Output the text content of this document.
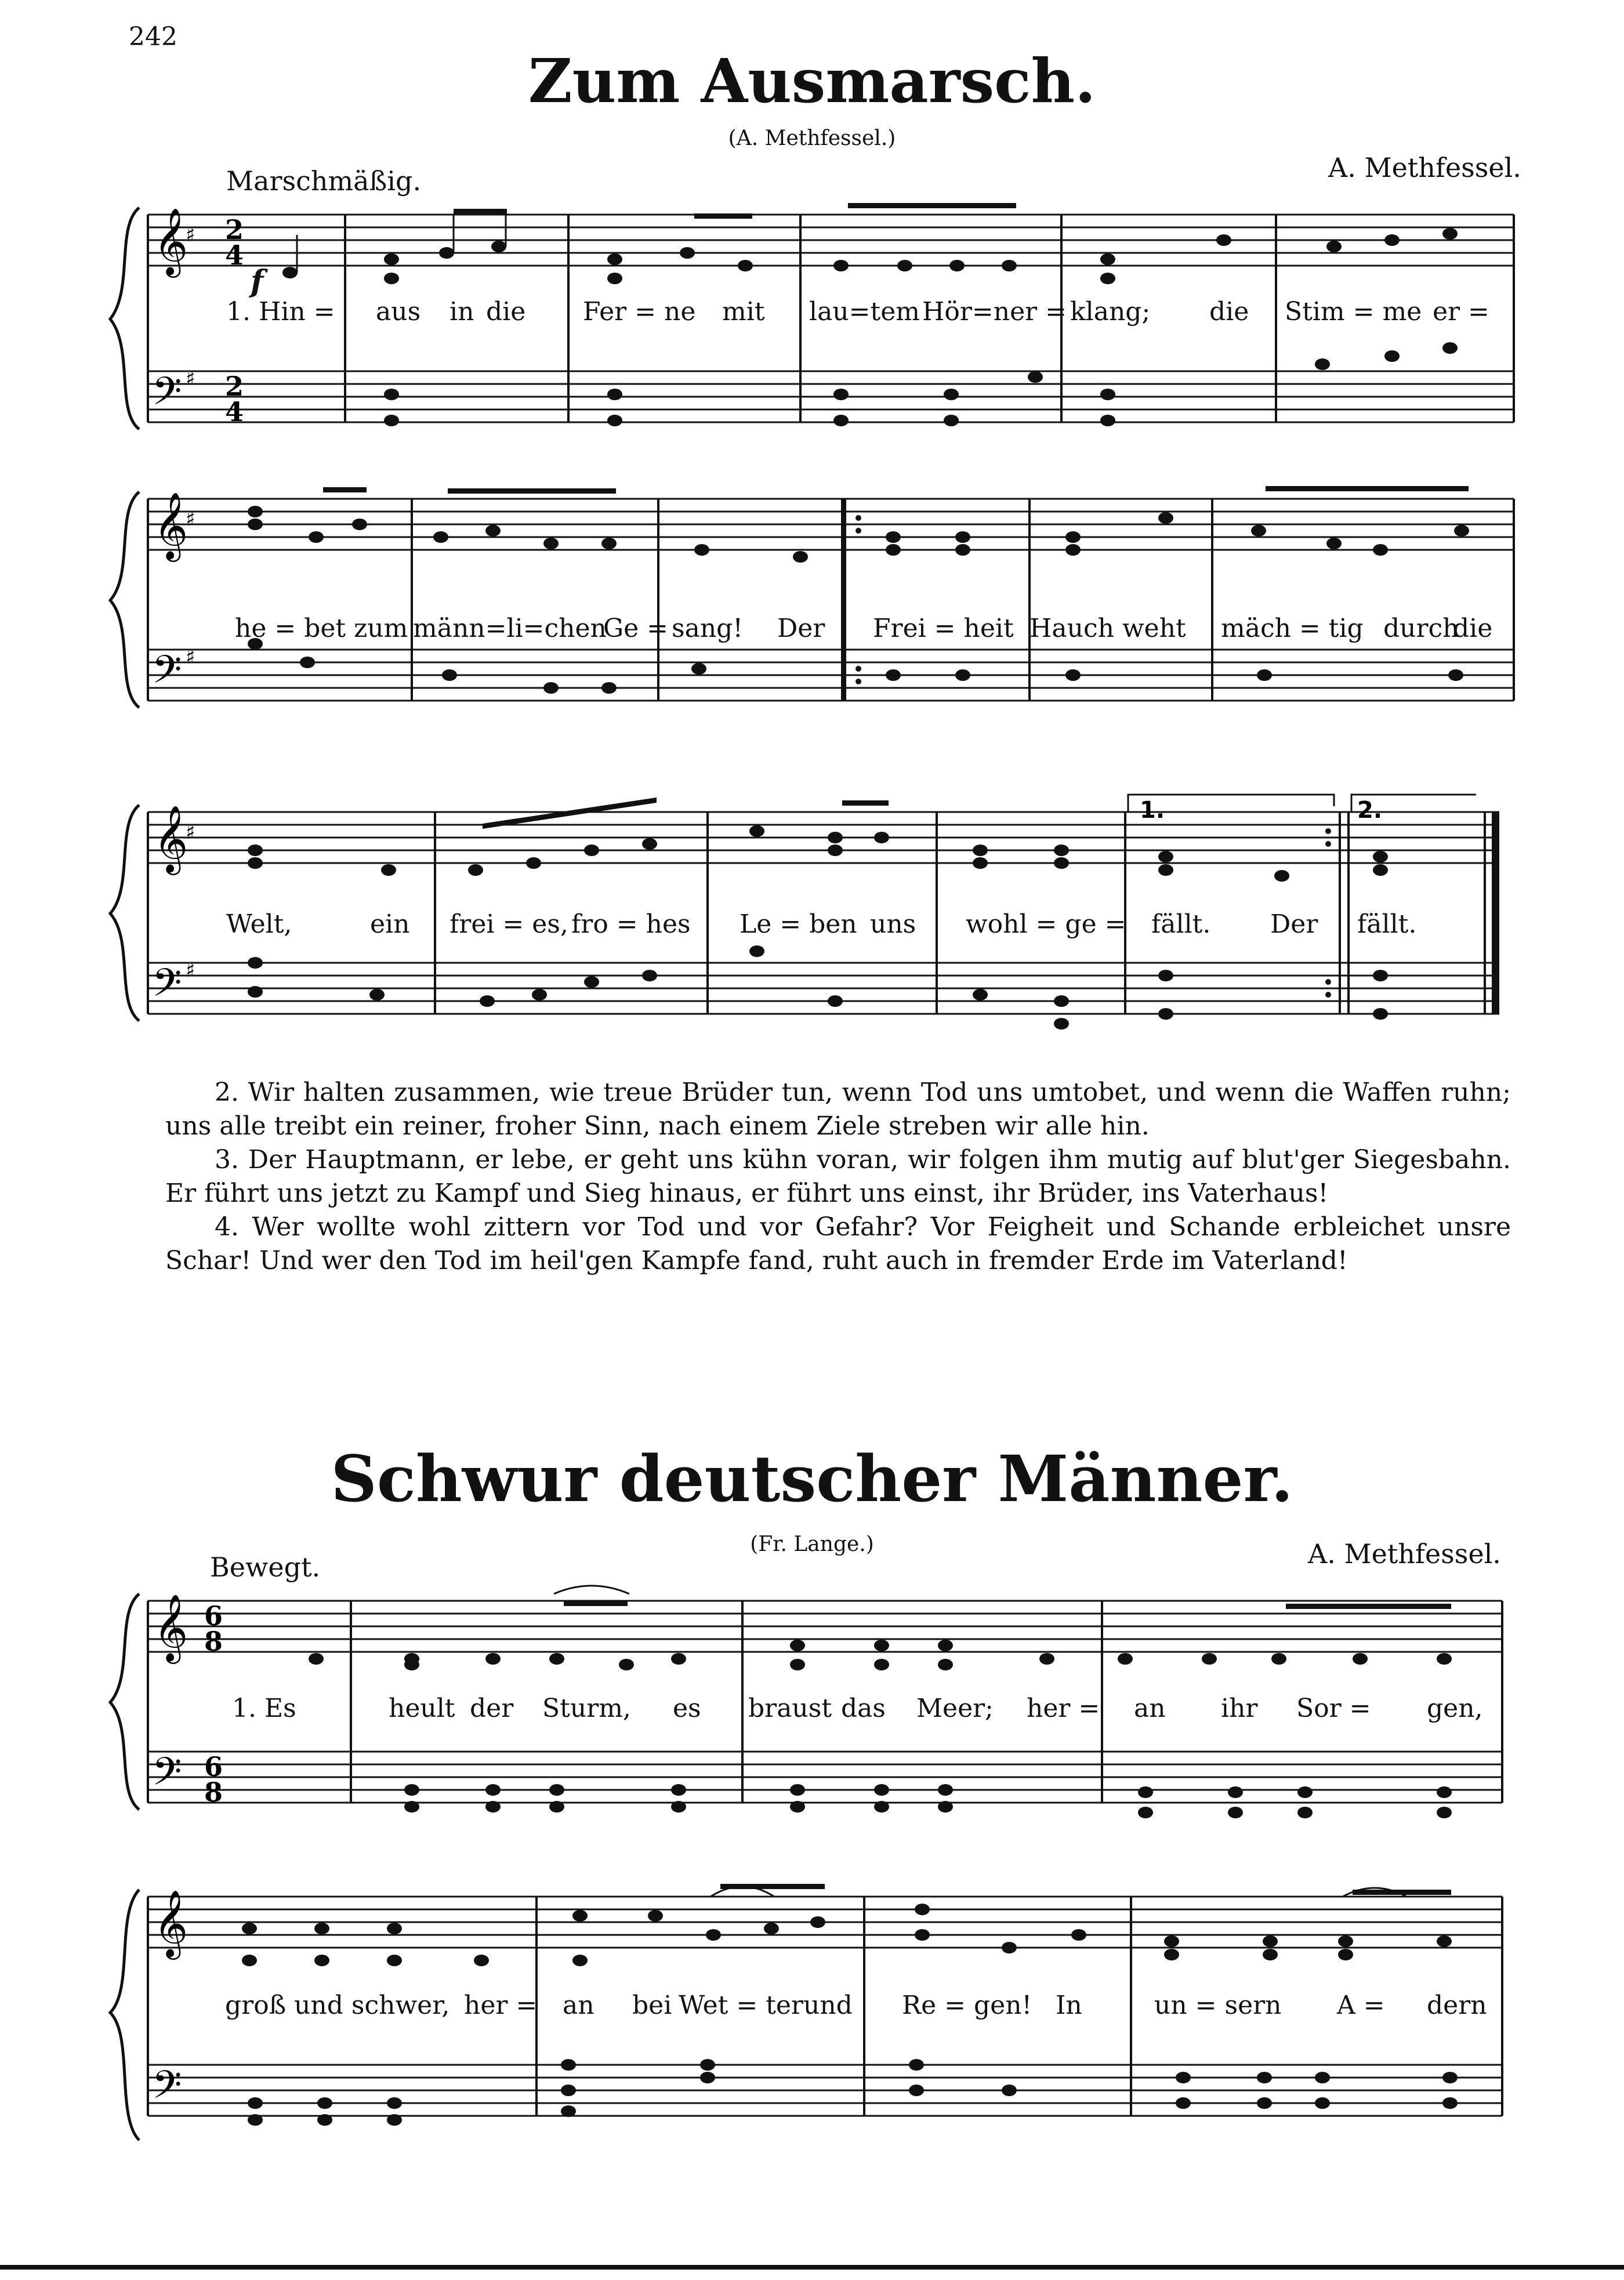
242
Zum Ausmarsch.
(A. Methfessel.)
A. Methfessel.
Marschmäßig.
f
𝄞
𝄢
♯
♯
2
4
2
4
1. Hin = aus in die Fer = ne mit lau=tem Hör=ner = klang; die Stim = me er =
𝄞
𝄢
♯
♯
he = bet zum männ=li=chen
Ge = sang! Der Frei = heit Hauch weht mäch = tig durch
die
1.	2.
𝄞
𝄢
♯
♯
Welt,	ein frei = es, fro = hes Le = ben uns wohl = ge = fällt. Der fällt.

2. Wir halten zusammen, wie treue Brüder tun, wenn Tod uns umtobet, und wenn die Waffen ruhn; uns alle treibt ein reiner, froher Sinn, nach einem Ziele streben wir alle hin.

3. Der Hauptmann, er lebe, er geht uns kühn voran, wir folgen ihm mutig auf blut'ger Siegesbahn. Er führt uns jetzt zu Kampf und Sieg hinaus, er führt uns einst, ihr Brüder, ins Vaterhaus!

4. Wer wollte wohl zittern vor Tod und vor Gefahr? Vor Feigheit und Schande erbleichet unsre Schar! Und wer den Tod im heil'gen Kampfe fand, ruht auch in fremder Erde im Vaterland!

Schwur deutscher Männer.
(Fr. Lange.)	A. Methfessel.
Bewegt.
𝄞
𝄢
6
8
6
8
1. Es	heult der Sturm, es braust das Meer; her = an ihr Sor = gen,
𝄞
𝄢
groß und schwer, her = an bei Wet = ter und Re = gen! In	un = sern A = dern
